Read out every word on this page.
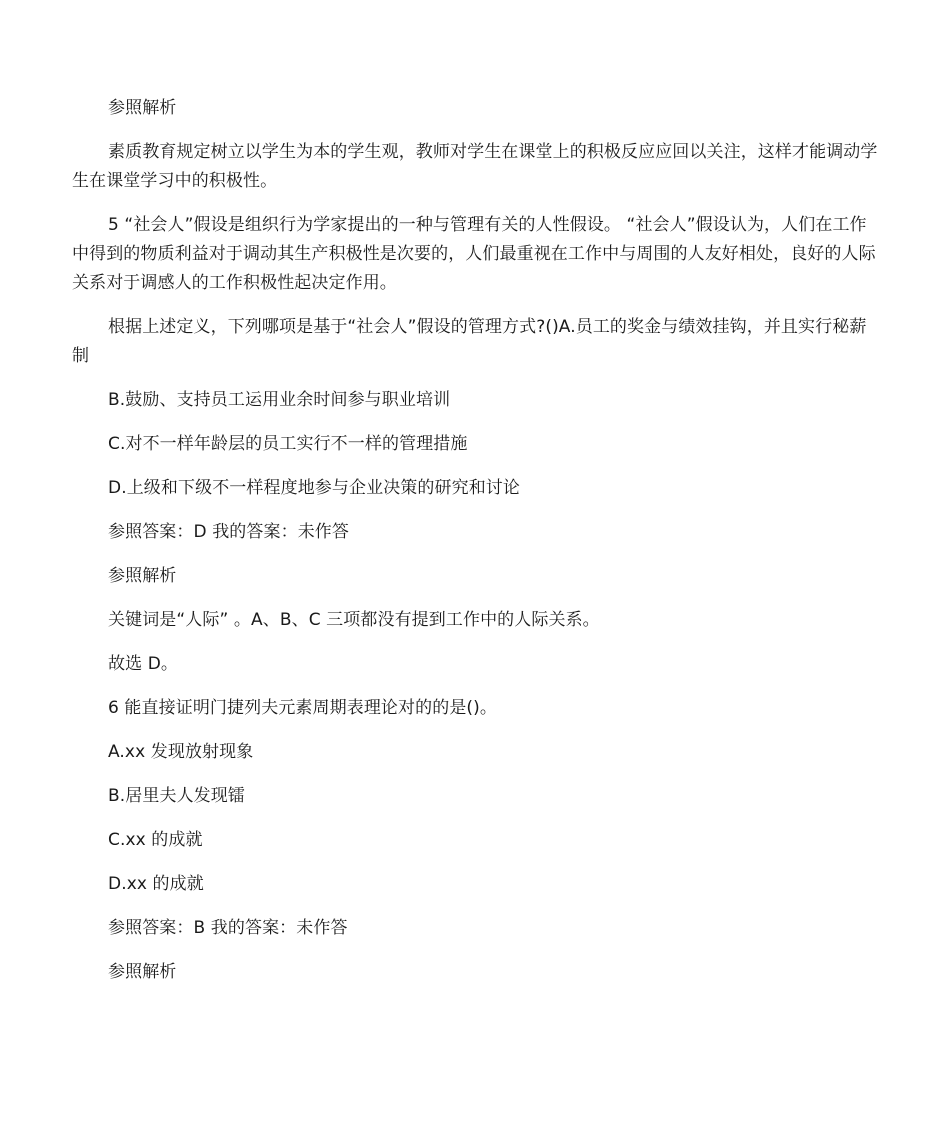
参照解析

素质教育规定树立以学生为本的学生观，教师对学生在课堂上的积极反应应回以关注，这样才能调动学生在课堂学习中的积极性。

5 “社会人”假设是组织行为学家提出的一种与管理有关的人性假设。 “社会人”假设认为，人们在工作中得到的物质利益对于调动其生产积极性是次要的，人们最重视在工作中与周围的人友好相处，良好的人际关系对于调感人的工作积极性起决定作用。

根据上述定义，下列哪项是基于“社会人”假设的管理方式?()A.员工的奖金与绩效挂钩，并且实行秘薪制

B.鼓励、支持员工运用业余时间参与职业培训

C.对不一样年龄层的员工实行不一样的管理措施

D.上级和下级不一样程度地参与企业决策的研究和讨论

参照答案：D 我的答案：未作答

参照解析

关键词是“人际” 。A、B、C 三项都没有提到工作中的人际关系。

故选 D。

6 能直接证明门捷列夫元素周期表理论对的的是()。

A.xx 发现放射现象

B.居里夫人发现镭

C.xx 的成就

D.xx 的成就

参照答案：B 我的答案：未作答

参照解析
